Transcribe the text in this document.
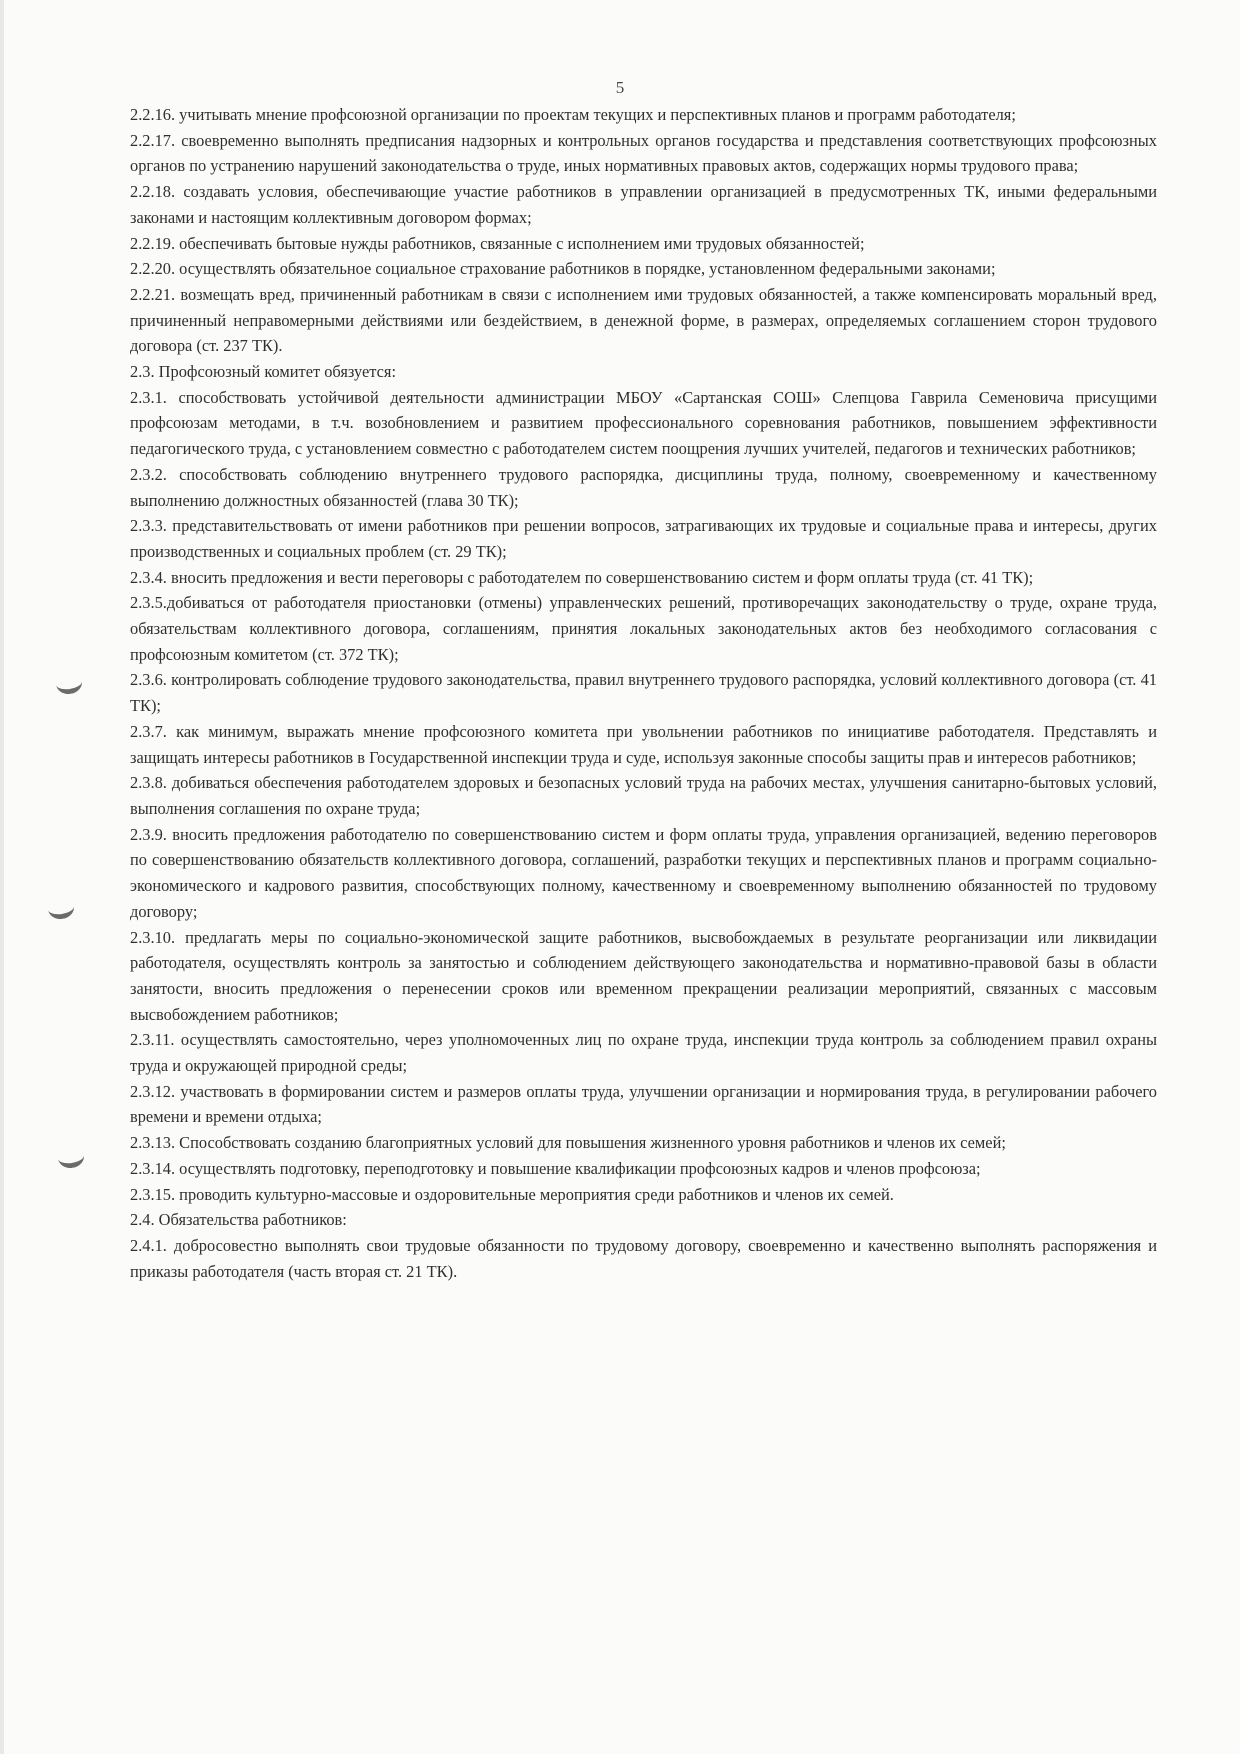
5

2.2.16. учитывать мнение профсоюзной организации по проектам текущих и перспективных планов и программ работодателя;

2.2.17. своевременно выполнять предписания надзорных и контрольных органов государства и представления соответствующих профсоюзных органов по устранению нарушений законодательства о труде, иных нормативных правовых актов, содержащих нормы трудового права;

2.2.18. создавать условия, обеспечивающие участие работников в управлении организацией в предусмотренных ТК, иными федеральными законами и настоящим коллективным договором формах;

2.2.19. обеспечивать бытовые нужды работников, связанные с исполнением ими трудовых обязанностей;

2.2.20. осуществлять обязательное социальное страхование работников в порядке, установленном федеральными законами;

2.2.21. возмещать вред, причиненный работникам в связи с исполнением ими трудовых обязанностей, а также компенсировать моральный вред, причиненный неправомерными действиями или бездействием, в денежной форме, в размерах, определяемых соглашением сторон трудового договора (ст. 237 ТК).

2.3. Профсоюзный комитет обязуется:

2.3.1. способствовать устойчивой деятельности администрации МБОУ «Сартанская СОШ» Слепцова Гаврила Семеновича присущими профсоюзам методами, в т.ч. возобновлением и развитием профессионального соревнования работников, повышением эффективности педагогического труда, с установлением совместно с работодателем систем поощрения лучших учителей, педагогов и технических работников;

2.3.2. способствовать соблюдению внутреннего трудового распорядка, дисциплины труда, полному, своевременному и качественному выполнению должностных обязанностей (глава 30 ТК);

2.3.3. представительствовать от имени работников при решении вопросов, затрагивающих их трудовые и социальные права и интересы, других производственных и социальных проблем (ст. 29 ТК);

2.3.4. вносить предложения и вести переговоры с работодателем по совершенствованию систем и форм оплаты труда (ст. 41 ТК);

2.3.5.добиваться от работодателя приостановки (отмены) управленческих решений, противоречащих законодательству о труде, охране труда, обязательствам коллективного договора, соглашениям, принятия локальных законодательных актов без необходимого согласования с профсоюзным комитетом (ст. 372 ТК);

2.3.6. контролировать соблюдение трудового законодательства, правил внутреннего трудового распорядка, условий коллективного договора (ст. 41 ТК);

2.3.7. как минимум, выражать мнение профсоюзного комитета при увольнении работников по инициативе работодателя. Представлять и защищать интересы работников в Государственной инспекции труда и суде, используя законные способы защиты прав и интересов работников;

2.3.8. добиваться обеспечения работодателем здоровых и безопасных условий труда на рабочих местах, улучшения санитарно-бытовых условий, выполнения соглашения по охране труда;

2.3.9. вносить предложения работодателю по совершенствованию систем и форм оплаты труда, управления организацией, ведению переговоров по совершенствованию обязательств коллективного договора, соглашений, разработки текущих и перспективных планов и программ социально-экономического и кадрового развития, способствующих полному, качественному и своевременному выполнению обязанностей по трудовому договору;

2.3.10. предлагать меры по социально-экономической защите работников, высвобождаемых в результате реорганизации или ликвидации работодателя, осуществлять контроль за занятостью и соблюдением действующего законодательства и нормативно-правовой базы в области занятости, вносить предложения о перенесении сроков или временном прекращении реализации мероприятий, связанных с массовым высвобождением работников;

2.3.11. осуществлять самостоятельно, через уполномоченных лиц по охране труда, инспекции труда контроль за соблюдением правил охраны труда и окружающей природной среды;

2.3.12. участвовать в формировании систем и размеров оплаты труда, улучшении организации и нормирования труда, в регулировании рабочего времени и времени отдыха;

2.3.13. Способствовать созданию благоприятных условий для повышения жизненного уровня работников и членов их семей;

2.3.14. осуществлять подготовку, переподготовку и повышение квалификации профсоюзных кадров и членов профсоюза;

2.3.15. проводить культурно-массовые и оздоровительные мероприятия среди работников и членов их семей.

2.4. Обязательства работников:

2.4.1. добросовестно выполнять свои трудовые обязанности по трудовому договору, своевременно и качественно выполнять распоряжения и приказы работодателя (часть вторая ст. 21 ТК).
